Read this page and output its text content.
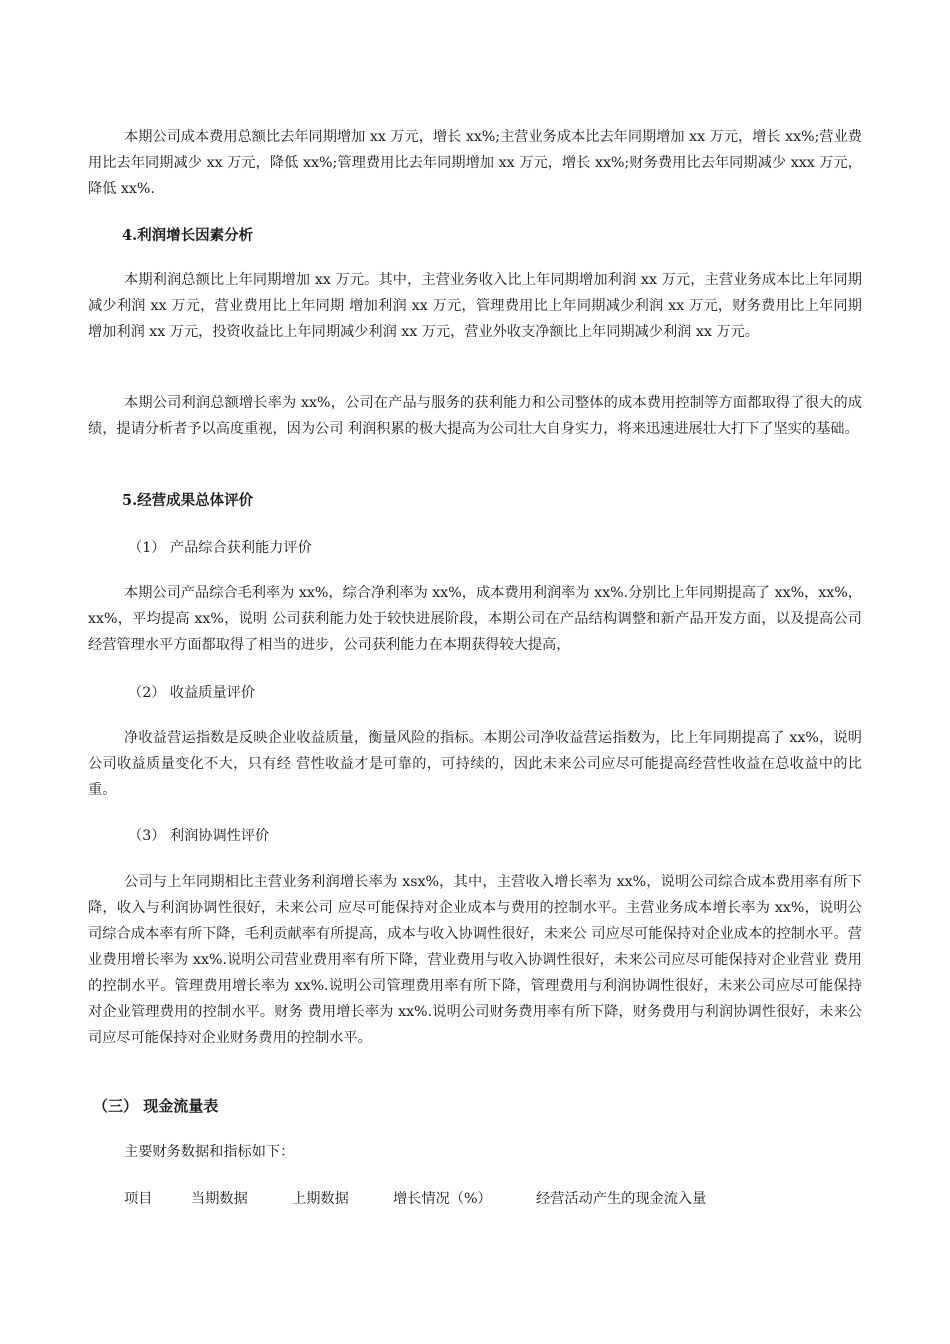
本期公司成本费用总额比去年同期增加 xx 万元，增长 xx%;主营业务成本比去年同期增加 xx 万元，增长 xx%;营业费用比去年同期减少 xx 万元，降低 xx%;管理费用比去年同期增加 xx 万元，增长 xx%;财务费用比去年同期减少 xxx 万元，降低 xx%.

4.利润增长因素分析

本期利润总额比上年同期增加 xx 万元。其中，主营业务收入比上年同期增加利润 xx 万元，主营业务成本比上年同期减少利润 xx 万元，营业费用比上年同期 增加利润 xx 万元，管理费用比上年同期减少利润 xx 万元，财务费用比上年同期增加利润 xx 万元，投资收益比上年同期减少利润 xx 万元，营业外收支净额比上年同期减少利润 xx 万元。

本期公司利润总额增长率为 xx%，公司在产品与服务的获利能力和公司整体的成本费用控制等方面都取得了很大的成绩，提请分析者予以高度重视，因为公司 利润积累的极大提高为公司壮大自身实力，将来迅速进展壮大打下了坚实的基础。

5.经营成果总体评价

（1） 产品综合获利能力评价

本期公司产品综合毛利率为 xx%，综合净利率为 xx%，成本费用利润率为 xx%.分别比上年同期提高了 xx%，xx%，xx%，平均提高 xx%，说明 公司获利能力处于较快进展阶段，本期公司在产品结构调整和新产品开发方面，以及提高公司经营管理水平方面都取得了相当的进步，公司获利能力在本期获得较大提高，

（2） 收益质量评价

净收益营运指数是反映企业收益质量，衡量风险的指标。本期公司净收益营运指数为，比上年同期提高了 xx%，说明公司收益质量变化不大，只有经 营性收益才是可靠的，可持续的，因此未来公司应尽可能提高经营性收益在总收益中的比重。

（3） 利润协调性评价

公司与上年同期相比主营业务利润增长率为 xsx%，其中，主营收入增长率为 xx%，说明公司综合成本费用率有所下降，收入与利润协调性很好，未来公司 应尽可能保持对企业成本与费用的控制水平。主营业务成本增长率为 xx%，说明公司综合成本率有所下降，毛利贡献率有所提高，成本与收入协调性很好，未来公 司应尽可能保持对企业成本的控制水平。营业费用增长率为 xx%.说明公司营业费用率有所下降，营业费用与收入协调性很好，未来公司应尽可能保持对企业营业 费用的控制水平。管理费用增长率为 xx%.说明公司管理费用率有所下降，管理费用与利润协调性很好，未来公司应尽可能保持对企业管理费用的控制水平。财务 费用增长率为 xx%.说明公司财务费用率有所下降，财务费用与利润协调性很好，未来公司应尽可能保持对企业财务费用的控制水平。

（三） 现金流量表

主要财务数据和指标如下：

项目	当期数据	上期数据	增长情况（%）	经营活动产生的现金流入量
